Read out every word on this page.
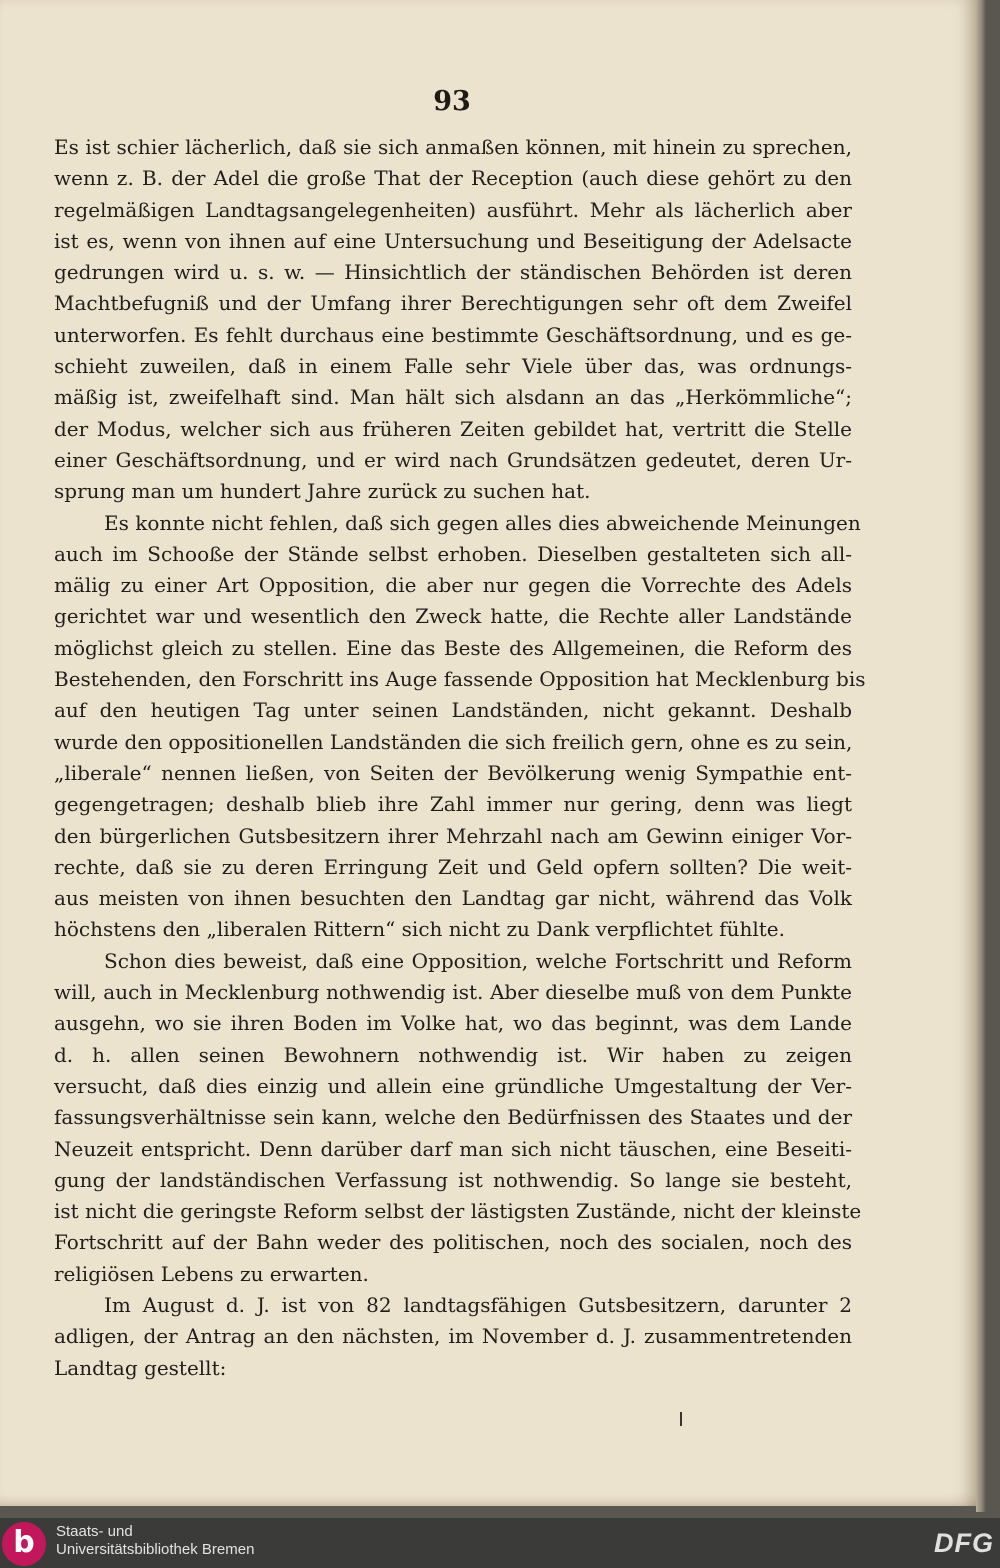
93
Es ist schier lächerlich, daß sie sich anmaßen können, mit hinein zu sprechen,
wenn z. B. der Adel die große That der Reception (auch diese gehört zu den
regelmäßigen Landtagsangelegenheiten) ausführt. Mehr als lächerlich aber
ist es, wenn von ihnen auf eine Untersuchung und Beseitigung der Adelsacte
gedrungen wird u. s. w. — Hinsichtlich der ständischen Behörden ist deren
Machtbefugniß und der Umfang ihrer Berechtigungen sehr oft dem Zweifel
unterworfen. Es fehlt durchaus eine bestimmte Geschäftsordnung, und es ge-
schieht zuweilen, daß in einem Falle sehr Viele über das, was ordnungs-
mäßig ist, zweifelhaft sind. Man hält sich alsdann an das „Herkömmliche“;
der Modus, welcher sich aus früheren Zeiten gebildet hat, vertritt die Stelle
einer Geschäftsordnung, und er wird nach Grundsätzen gedeutet, deren Ur-
sprung man um hundert Jahre zurück zu suchen hat.
Es konnte nicht fehlen, daß sich gegen alles dies abweichende Meinungen
auch im Schooße der Stände selbst erhoben. Dieselben gestalteten sich all-
mälig zu einer Art Opposition, die aber nur gegen die Vorrechte des Adels
gerichtet war und wesentlich den Zweck hatte, die Rechte aller Landstände
möglichst gleich zu stellen. Eine das Beste des Allgemeinen, die Reform des
Bestehenden, den Forschritt ins Auge fassende Opposition hat Mecklenburg bis
auf den heutigen Tag unter seinen Landständen, nicht gekannt. Deshalb
wurde den oppositionellen Landständen die sich freilich gern, ohne es zu sein,
„liberale“ nennen ließen, von Seiten der Bevölkerung wenig Sympathie ent-
gegengetragen; deshalb blieb ihre Zahl immer nur gering, denn was liegt
den bürgerlichen Gutsbesitzern ihrer Mehrzahl nach am Gewinn einiger Vor-
rechte, daß sie zu deren Erringung Zeit und Geld opfern sollten? Die weit-
aus meisten von ihnen besuchten den Landtag gar nicht, während das Volk
höchstens den „liberalen Rittern“ sich nicht zu Dank verpflichtet fühlte.
Schon dies beweist, daß eine Opposition, welche Fortschritt und Reform
will, auch in Mecklenburg nothwendig ist. Aber dieselbe muß von dem Punkte
ausgehn, wo sie ihren Boden im Volke hat, wo das beginnt, was dem Lande
d. h. allen seinen Bewohnern nothwendig ist. Wir haben zu zeigen
versucht, daß dies einzig und allein eine gründliche Umgestaltung der Ver-
fassungsverhältnisse sein kann, welche den Bedürfnissen des Staates und der
Neuzeit entspricht. Denn darüber darf man sich nicht täuschen, eine Beseiti-
gung der landständischen Verfassung ist nothwendig. So lange sie besteht,
ist nicht die geringste Reform selbst der lästigsten Zustände, nicht der kleinste
Fortschritt auf der Bahn weder des politischen, noch des socialen, noch des
religiösen Lebens zu erwarten.
Im August d. J. ist von 82 landtagsfähigen Gutsbesitzern, darunter 2
adligen, der Antrag an den nächsten, im November d. J. zusammentretenden
Landtag gestellt:
b	Staats- und
Universitätsbibliothek Bremen	DFG
